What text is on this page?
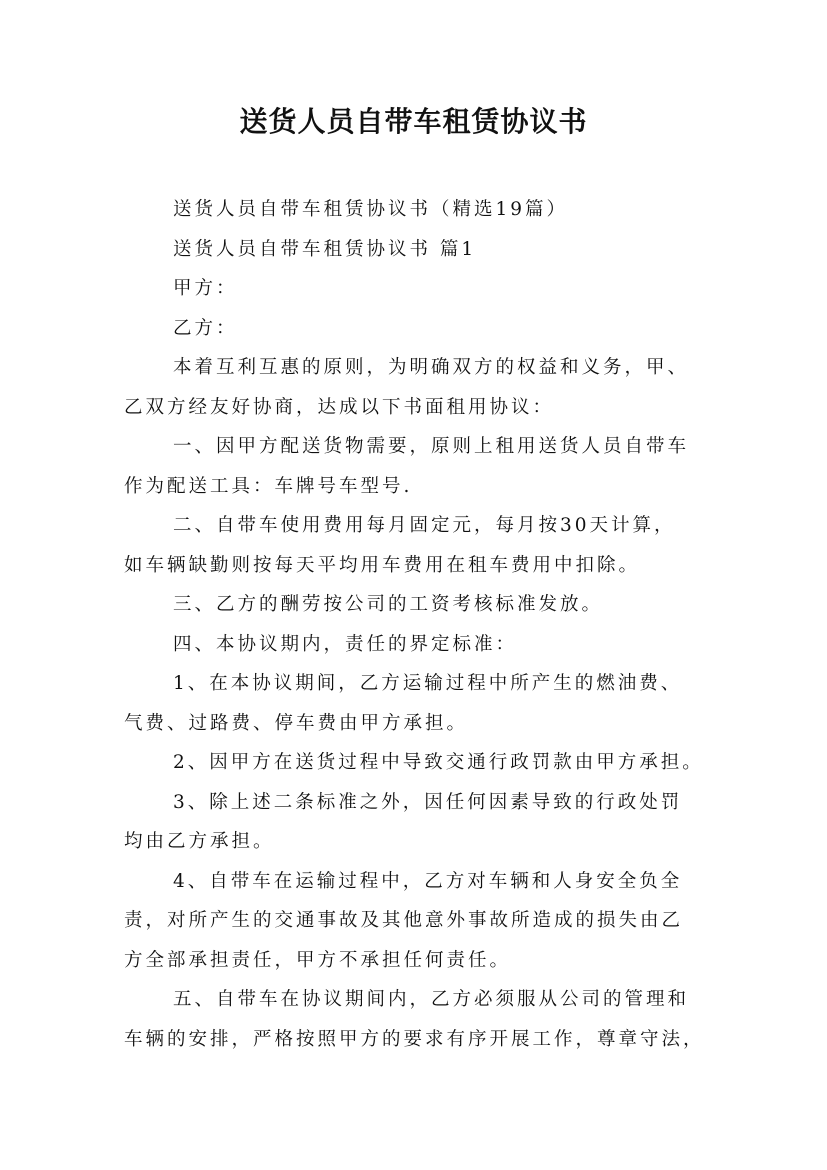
送货人员自带车租赁协议书
送货人员自带车租赁协议书（精选19篇）
送货人员自带车租赁协议书 篇1
甲方：
乙方：
本着互利互惠的原则，为明确双方的权益和义务，甲、
乙双方经友好协商，达成以下书面租用协议：
一、因甲方配送货物需要，原则上租用送货人员自带车
作为配送工具：车牌号车型号.
二、自带车使用费用每月固定元，每月按30天计算，
如车辆缺勤则按每天平均用车费用在租车费用中扣除。
三、乙方的酬劳按公司的工资考核标准发放。
四、本协议期内，责任的界定标准：
1、在本协议期间，乙方运输过程中所产生的燃油费、
气费、过路费、停车费由甲方承担。
2、因甲方在送货过程中导致交通行政罚款由甲方承担。
3、除上述二条标准之外，因任何因素导致的行政处罚
均由乙方承担。
4、自带车在运输过程中，乙方对车辆和人身安全负全
责，对所产生的交通事故及其他意外事故所造成的损失由乙
方全部承担责任，甲方不承担任何责任。
五、自带车在协议期间内，乙方必须服从公司的管理和
车辆的安排，严格按照甲方的要求有序开展工作，尊章守法，
